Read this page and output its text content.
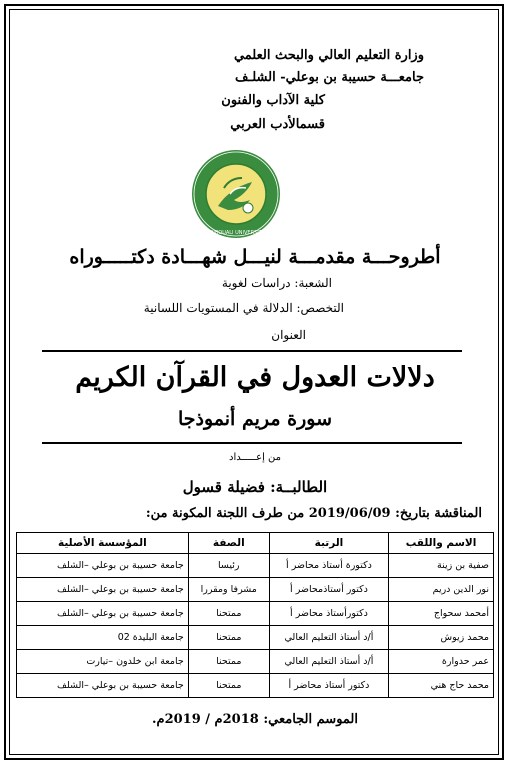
وزارة التعليم العالي والبحث العلمي
جامعـــة حسيبة بن بوعلي- الشلـف
كلية الآداب والفنون
قسمالأدب العربي
HASSIBA BENBOUALI UNIVERSITY OF CHLEF
أطروحـــة مقدمـــة لنيـــل شهـــادة دكتـــــوراه
الشعبة: دراسات لغوية
التخصص: الدلالة في المستويات اللسانية
العنوان
دلالات العدول في القرآن الكريم
سورة مريم أنموذجا
من إعـــــداد
الطالبــة: فضيلة قسول
المناقشة بتاريخ: 2019/06/09 من طرف اللجنة المكونة من:
الاسم واللقب	الرتبة	الصفة	المؤسسة الأصلية
صفية بن زينة	دكتورة أستاذ محاضر أ	رئيسا	جامعة حسيبة بن بوعلي –الشلف
نور الدين دريم	دكتور أستاذمحاضر أ	مشرفا ومقررا	جامعة حسيبة بن بوعلي –الشلف
أمحمد سحواج	دكتورأستاذ محاضر أ	ممتحنا	جامعة حسيبة بن بوعلي –الشلف
محمد زيوش	أ/د أستاذ التعليم العالي	ممتحنا	جامعة البليدة 02
عمر حدوارة	أ/د أستاذ التعليم العالي	ممتحنا	جامعة ابن خلدون –تيارت
محمد حاج هني	دكتور أستاذ محاضر أ	ممتحنا	جامعة حسيبة بن بوعلي –الشلف
الموسم الجامعي: 2018م / 2019م.
